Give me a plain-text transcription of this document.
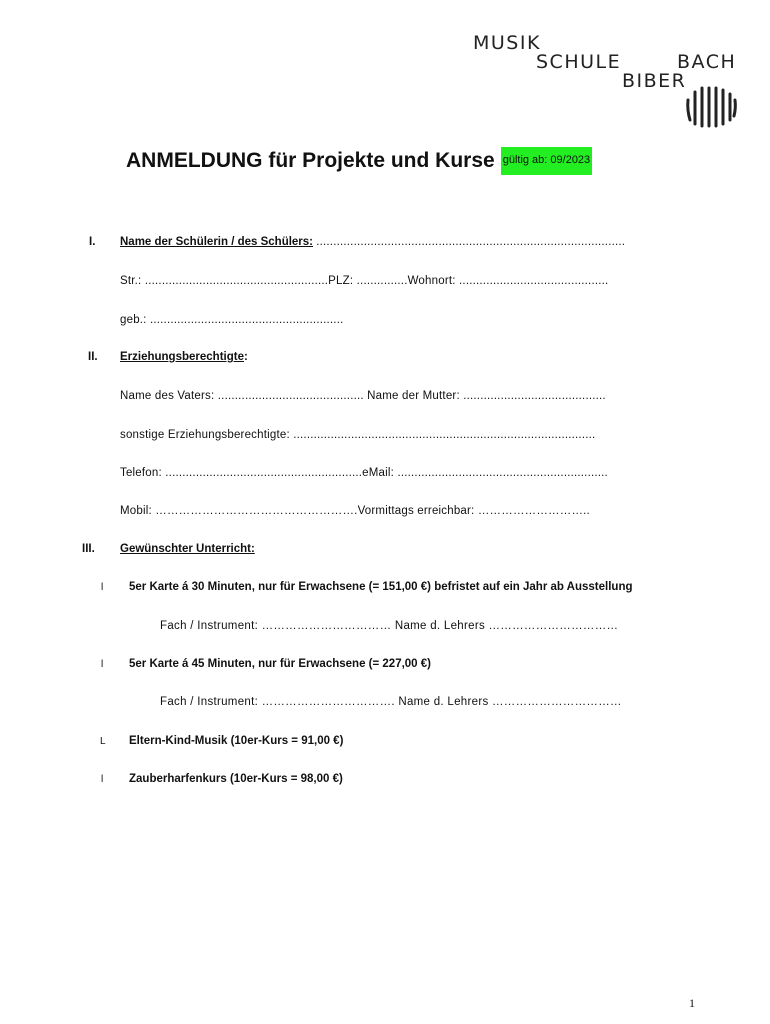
MUSIK
SCHULE	BACH
BIBER
ANMELDUNG für Projekte und Kurse gültig ab: 09/2023
I. Name der Schülerin / des Schülers: ...........................................................................................
Str.: ......................................................PLZ: ...............Wohnort: ............................................
geb.: .........................................................
II. Erziehungsberechtigte:
Name des Vaters: ........................................... Name der Mutter: ..........................................
sonstige Erziehungsberechtigte: .........................................................................................
Telefon: ..........................................................eMail: ..............................................................
Mobil: …………………………………………….Vormittags erreichbar: ………………………..
III. Gewünschter Unterricht:
l 5er Karte á 30 Minuten, nur für Erwachsene (= 151,00 €) befristet auf ein Jahr ab Ausstellung
Fach / Instrument: …………………………… Name d. Lehrers ……………………………
l 5er Karte á 45 Minuten, nur für Erwachsene (= 227,00 €)
Fach / Instrument: ……………………………. Name d. Lehrers ……………………………
L Eltern-Kind-Musik (10er-Kurs = 91,00 €)
l Zauberharfenkurs (10er-Kurs = 98,00 €)
1
